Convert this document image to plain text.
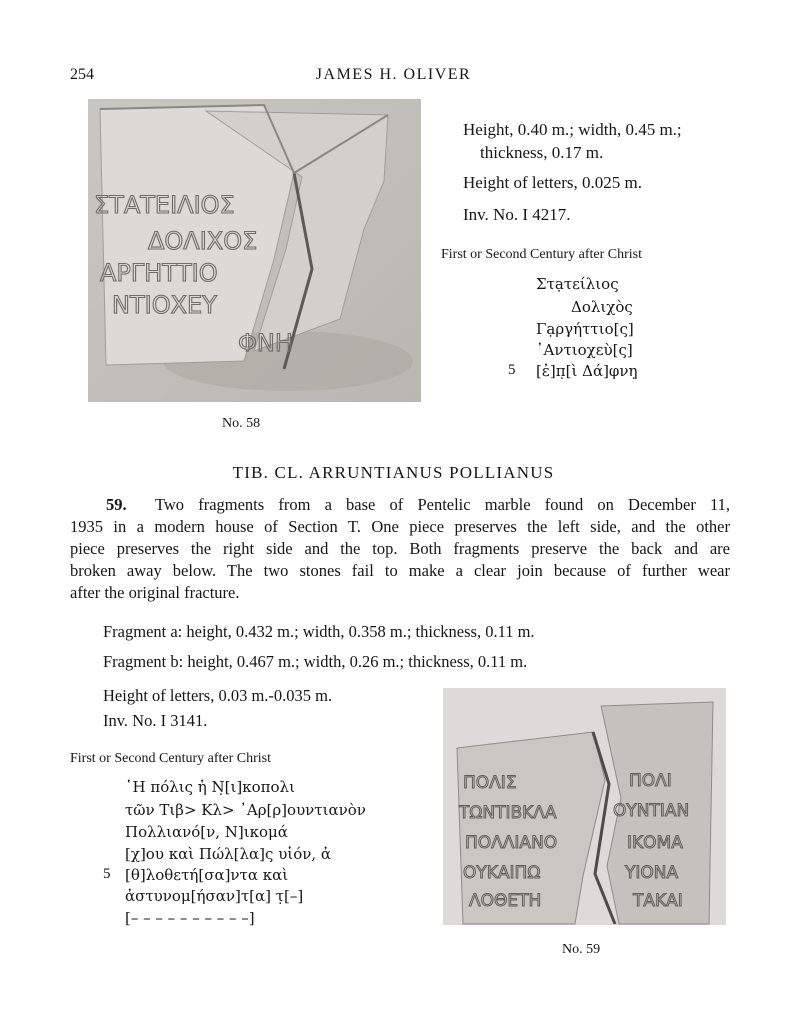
254	JAMES H. OLIVER
ΣΤΑΤΕΙΛΙΟΣ
ΔΟΛΙΧΟΣ
ΑΡΓΗΤΤΙΟ
ΝΤΙΟΧΕΥ
ΦΝΗ
No. 58
Height, 0.40 m.; width, 0.45 m.;
thickness, 0.17 m.
Height of letters, 0.025 m.
Inv. No. I 4217.
First or Second Century after Christ
Στạτείλιος
Δολιχὸς
Γạργήττιο[ς]
᾽Αντιοχεὺ[ς]
5 [ἐ]π̣[ὶ Δά]φνη̣
TIB. CL. ARRUNTIANUS POLLIANUS
59. Two fragments from a base of Pentelic marble found on December 11,
1935 in a modern house of Section T. One piece preserves the left side, and the other
piece preserves the right side and the top. Both fragments preserve the back and are
broken away below. The two stones fail to make a clear join because of further wear
after the original fracture.
Fragment a: height, 0.432 m.; width, 0.358 m.; thickness, 0.11 m.
Fragment b: height, 0.467 m.; width, 0.26 m.; thickness, 0.11 m.
Height of letters, 0.03 m.-0.035 m.
Inv. No. I 3141.
First or Second Century after Christ
῾Η πόλις ἡ Ν̣[ι]κοπολι
τῶν Τιβ> Κλ> ᾽Αρ[ρ]ουντιανὸν
Πολλιανό[ν, Ν]ικομά
[χ]ου καὶ Πώλ[λα]ς υἱόν, ἀ
5 [θ]λοθετή[σα]ντα καὶ
ἀστυνομ[ήσαν]τ[α] τ̣[–]
[– – – – – – – – – –]
ΠΟΛΙΣ
ΤΩΝΤΙΒΚΛΑ
ΠΟΛΛΙΑΝΟ
ΟΥΚΑΙΠΩ
ΛΟΘΕΤΗ
ΠΟΛΙ
ΟΥΝΤΙΑΝ
ΙΚΟΜΑ
ΥΙΟΝΑ
ΤΑΚΑΙ
No. 59
